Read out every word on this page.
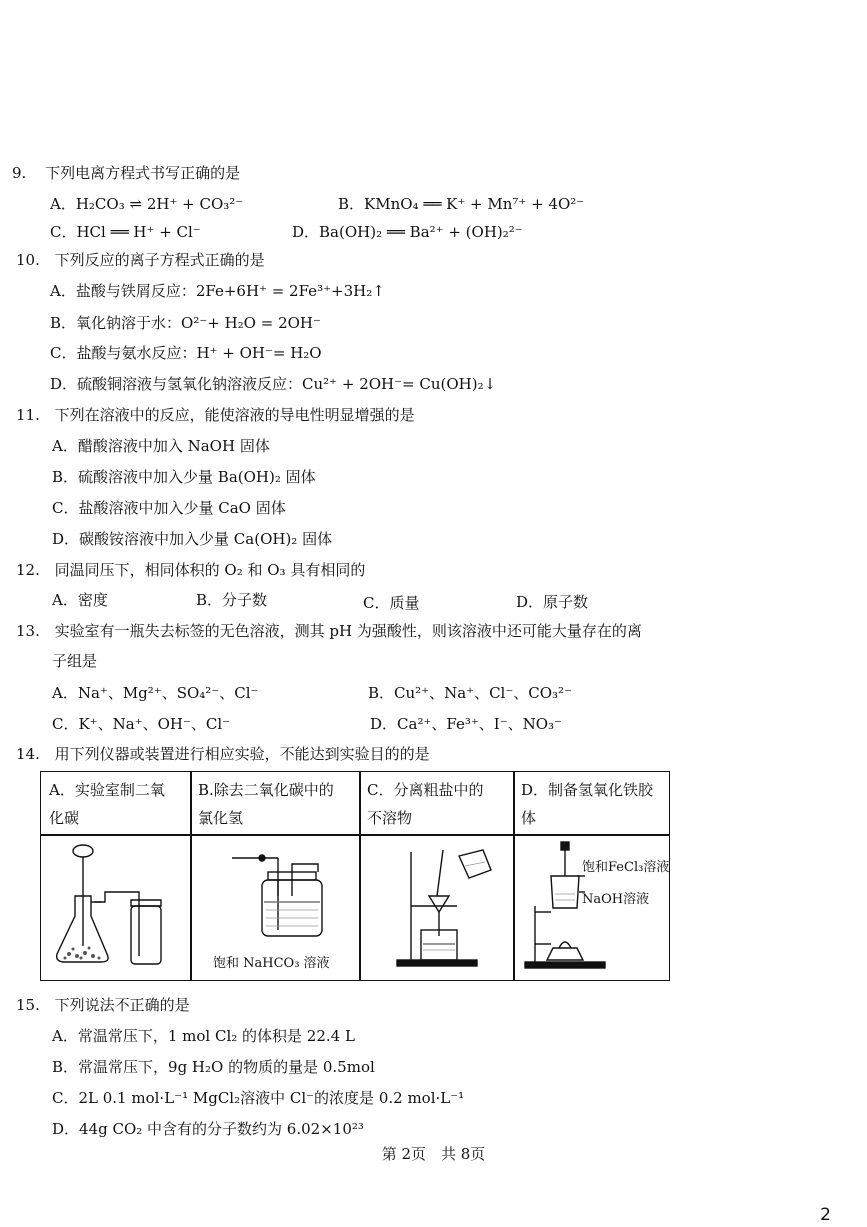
9. 下列电离方程式书写正确的是
A．H₂CO₃ ⇌ 2H⁺ + CO₃²⁻	B．KMnO₄ ══ K⁺ + Mn⁷⁺ + 4O²⁻
C．HCl ══ H⁺ + Cl⁻	D．Ba(OH)₂ ══ Ba²⁺ + (OH)₂²⁻
10. 下列反应的离子方程式正确的是
A．盐酸与铁屑反应：2Fe+6H⁺ = 2Fe³⁺+3H₂↑
B．氧化钠溶于水：O²⁻+ H₂O = 2OH⁻
C．盐酸与氨水反应：H⁺ + OH⁻= H₂O
D．硫酸铜溶液与氢氧化钠溶液反应：Cu²⁺ + 2OH⁻= Cu(OH)₂↓
11. 下列在溶液中的反应，能使溶液的导电性明显增强的是
A．醋酸溶液中加入 NaOH 固体
B．硫酸溶液中加入少量 Ba(OH)₂ 固体
C．盐酸溶液中加入少量 CaO 固体
D．碳酸铵溶液中加入少量 Ca(OH)₂ 固体
12. 同温同压下，相同体积的 O₂ 和 O₃ 具有相同的
A．密度	B．分子数	C．质量	D．原子数
13. 实验室有一瓶失去标签的无色溶液，测其 pH 为强酸性，则该溶液中还可能大量存在的离
子组是
A．Na⁺、Mg²⁺、SO₄²⁻、Cl⁻	B．Cu²⁺、Na⁺、Cl⁻、CO₃²⁻
C．K⁺、Na⁺、OH⁻、Cl⁻	D．Ca²⁺、Fe³⁺、I⁻、NO₃⁻
14. 用下列仪器或装置进行相应实验，不能达到实验目的的是
A．实验室制二氧
化碳
B.除去二氧化碳中的
氯化氢
C．分离粗盐中的
不溶物
D．制备氢氧化铁胶
体
饱和 NaHCO₃ 溶液
饱和FeCl₃溶液
NaOH溶液
15. 下列说法不正确的是
A．常温常压下，1 mol Cl₂ 的体积是 22.4 L
B．常温常压下，9g H₂O 的物质的量是 0.5mol
C．2L 0.1 mol·L⁻¹ MgCl₂溶液中 Cl⁻的浓度是 0.2 mol·L⁻¹
D．44g CO₂ 中含有的分子数约为 6.02×10²³
第 2页　共 8页
2
